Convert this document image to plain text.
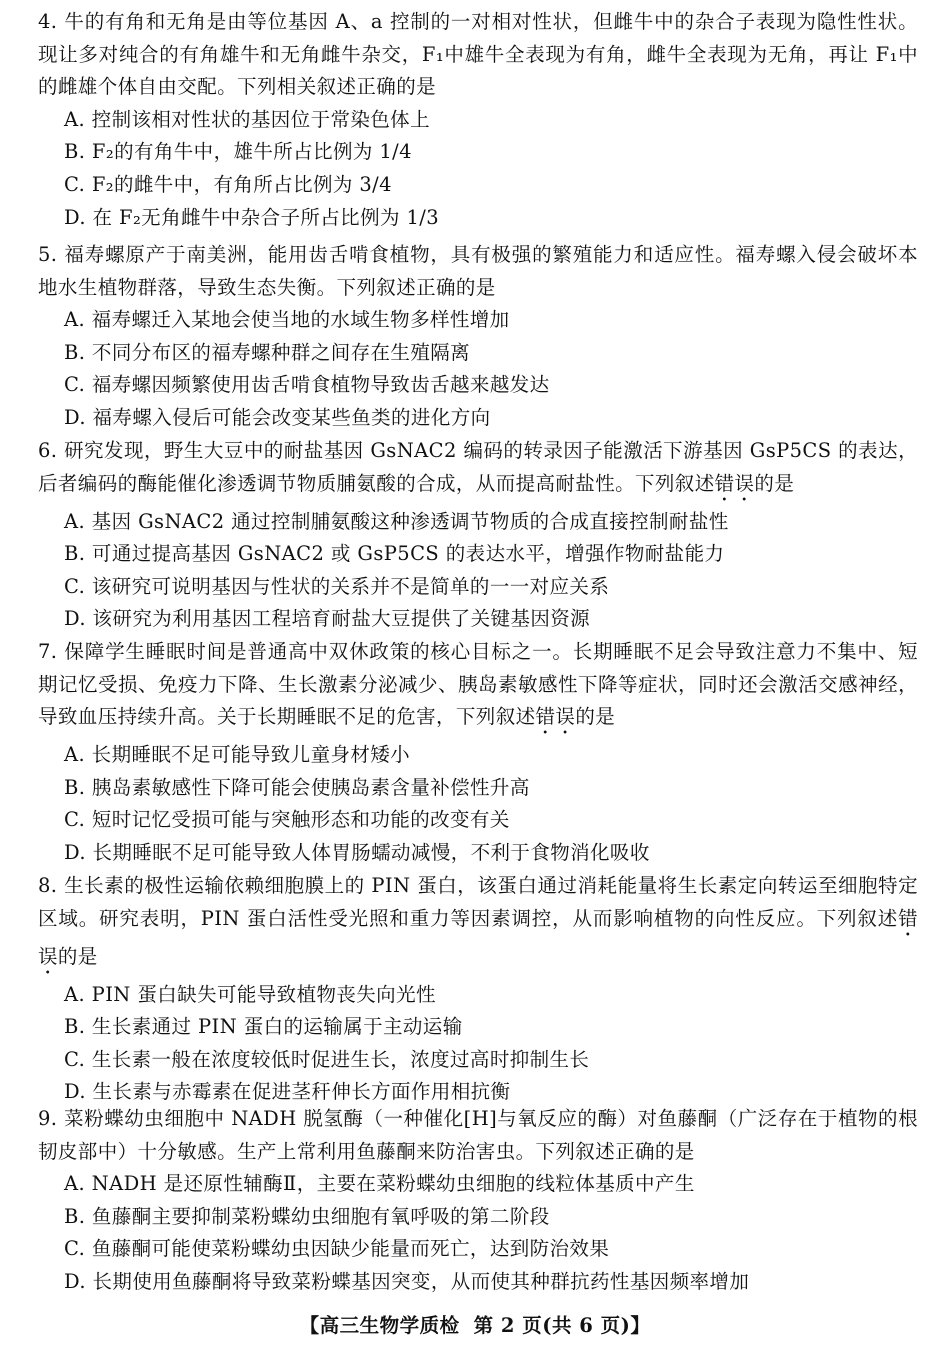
4. 牛的有角和无角是由等位基因 A、a 控制的一对相对性状，但雌牛中的杂合子表现为隐性性状。现让多对纯合的有角雄牛和无角雌牛杂交，F₁中雄牛全表现为有角，雌牛全表现为无角，再让 F₁中的雌雄个体自由交配。下列相关叙述正确的是

A. 控制该相对性状的基因位于常染色体上

B. F₂的有角牛中，雄牛所占比例为 1/4

C. F₂的雌牛中，有角所占比例为 3/4

D. 在 F₂无角雌牛中杂合子所占比例为 1/3

5. 福寿螺原产于南美洲，能用齿舌啃食植物，具有极强的繁殖能力和适应性。福寿螺入侵会破坏本地水生植物群落，导致生态失衡。下列叙述正确的是

A. 福寿螺迁入某地会使当地的水域生物多样性增加

B. 不同分布区的福寿螺种群之间存在生殖隔离

C. 福寿螺因频繁使用齿舌啃食植物导致齿舌越来越发达

D. 福寿螺入侵后可能会改变某些鱼类的进化方向

6. 研究发现，野生大豆中的耐盐基因 GsNAC2 编码的转录因子能激活下游基因 GsP5CS 的表达，后者编码的酶能催化渗透调节物质脯氨酸的合成，从而提高耐盐性。下列叙述错误的是

A. 基因 GsNAC2 通过控制脯氨酸这种渗透调节物质的合成直接控制耐盐性

B. 可通过提高基因 GsNAC2 或 GsP5CS 的表达水平，增强作物耐盐能力

C. 该研究可说明基因与性状的关系并不是简单的一一对应关系

D. 该研究为利用基因工程培育耐盐大豆提供了关键基因资源

7. 保障学生睡眠时间是普通高中双休政策的核心目标之一。长期睡眠不足会导致注意力不集中、短期记忆受损、免疫力下降、生长激素分泌减少、胰岛素敏感性下降等症状，同时还会激活交感神经，导致血压持续升高。关于长期睡眠不足的危害，下列叙述错误的是

A. 长期睡眠不足可能导致儿童身材矮小

B. 胰岛素敏感性下降可能会使胰岛素含量补偿性升高

C. 短时记忆受损可能与突触形态和功能的改变有关

D. 长期睡眠不足可能导致人体胃肠蠕动减慢，不利于食物消化吸收

8. 生长素的极性运输依赖细胞膜上的 PIN 蛋白，该蛋白通过消耗能量将生长素定向转运至细胞特定区域。研究表明，PIN 蛋白活性受光照和重力等因素调控，从而影响植物的向性反应。下列叙述错误的是

A. PIN 蛋白缺失可能导致植物丧失向光性

B. 生长素通过 PIN 蛋白的运输属于主动运输

C. 生长素一般在浓度较低时促进生长，浓度过高时抑制生长

D. 生长素与赤霉素在促进茎秆伸长方面作用相抗衡

9. 菜粉蝶幼虫细胞中 NADH 脱氢酶（一种催化[H]与氧反应的酶）对鱼藤酮（广泛存在于植物的根韧皮部中）十分敏感。生产上常利用鱼藤酮来防治害虫。下列叙述正确的是

A. NADH 是还原性辅酶Ⅱ，主要在菜粉蝶幼虫细胞的线粒体基质中产生

B. 鱼藤酮主要抑制菜粉蝶幼虫细胞有氧呼吸的第二阶段

C. 鱼藤酮可能使菜粉蝶幼虫因缺少能量而死亡，达到防治效果

D. 长期使用鱼藤酮将导致菜粉蝶基因突变，从而使其种群抗药性基因频率增加

【高三生物学质检 第 2 页(共 6 页)】
